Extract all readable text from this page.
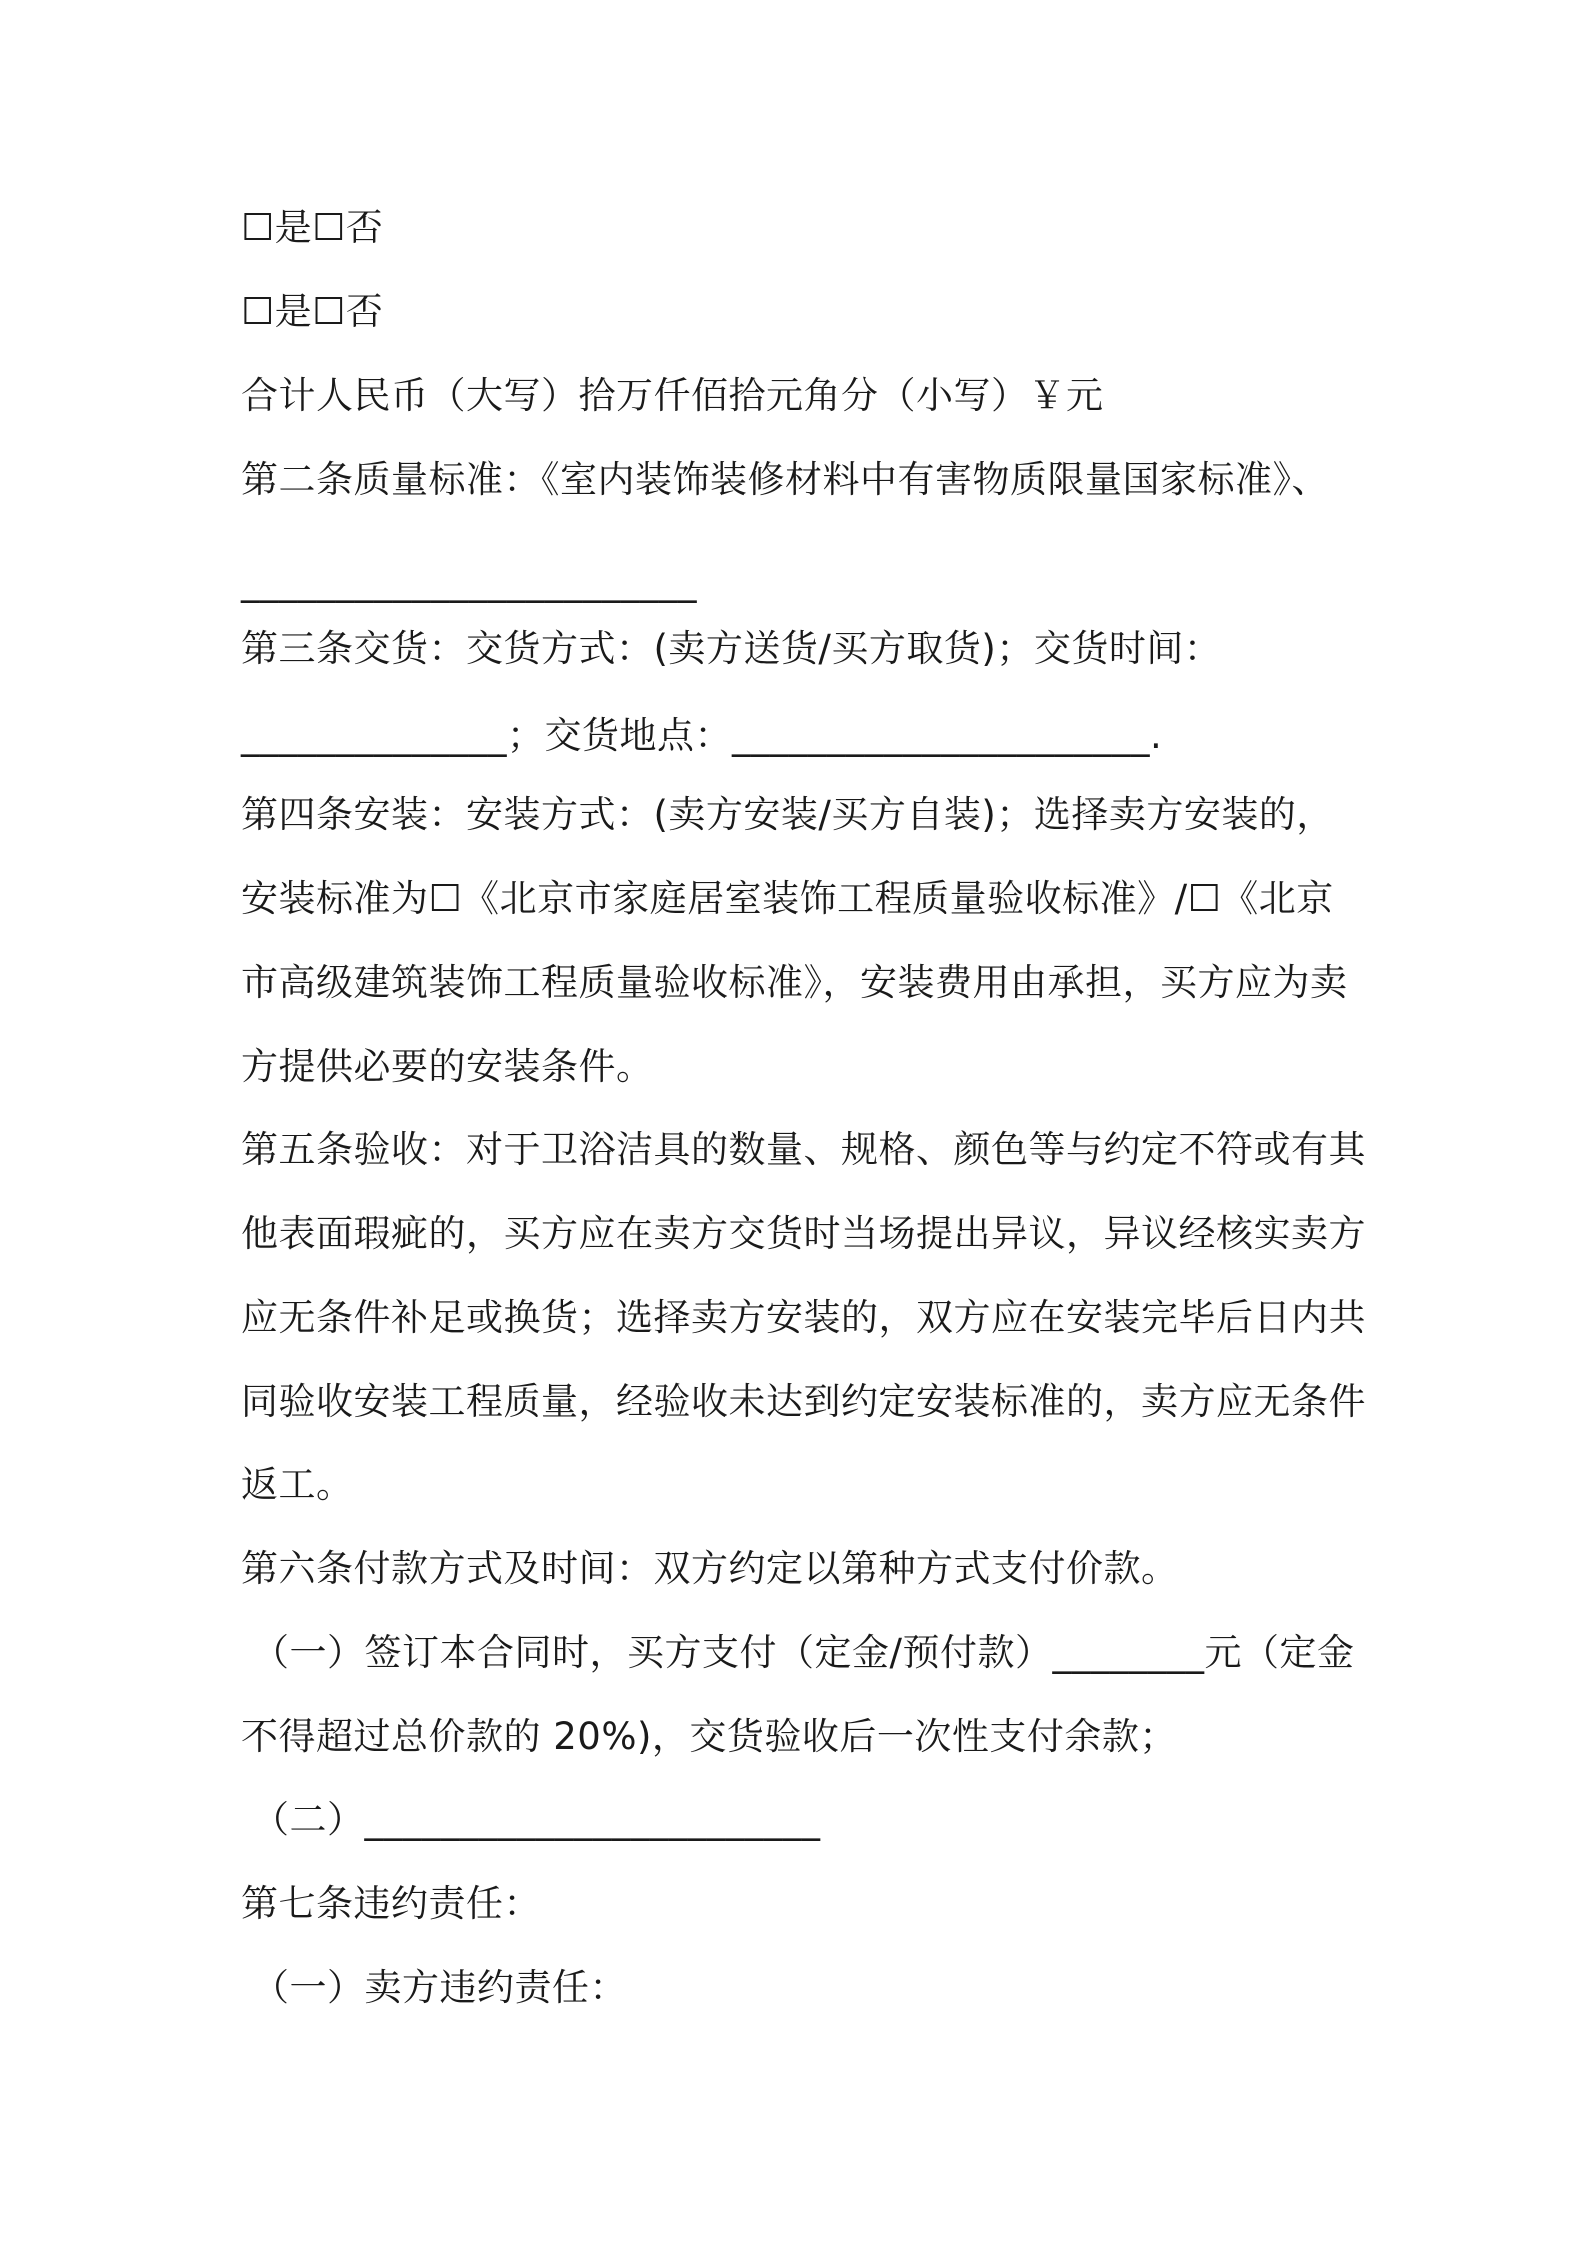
☐是☐否
☐是☐否
合计人民币（大写）拾万仟佰拾元角分（小写）￥元
第二条质量标准：《室内装饰装修材料中有害物质限量国家标准》、
________________________
第三条交货：交货方式：(卖方送货/买方取货)；交货时间：
______________；交货地点：______________________.
第四条安装：安装方式：(卖方安装/买方自装)；选择卖方安装的，
安装标准为☐《北京市家庭居室装饰工程质量验收标准》/☐《北京
市高级建筑装饰工程质量验收标准》，安装费用由承担，买方应为卖
方提供必要的安装条件。
第五条验收：对于卫浴洁具的数量、规格、颜色等与约定不符或有其
他表面瑕疵的，买方应在卖方交货时当场提出异议，异议经核实卖方
应无条件补足或换货；选择卖方安装的，双方应在安装完毕后日内共
同验收安装工程质量，经验收未达到约定安装标准的，卖方应无条件
返工。
第六条付款方式及时间：双方约定以第种方式支付价款。
（一）签订本合同时，买方支付（定金/预付款）________元（定金
不得超过总价款的 20%)，交货验收后一次性支付余款；
（二）________________________
第七条违约责任：
（一）卖方违约责任：
